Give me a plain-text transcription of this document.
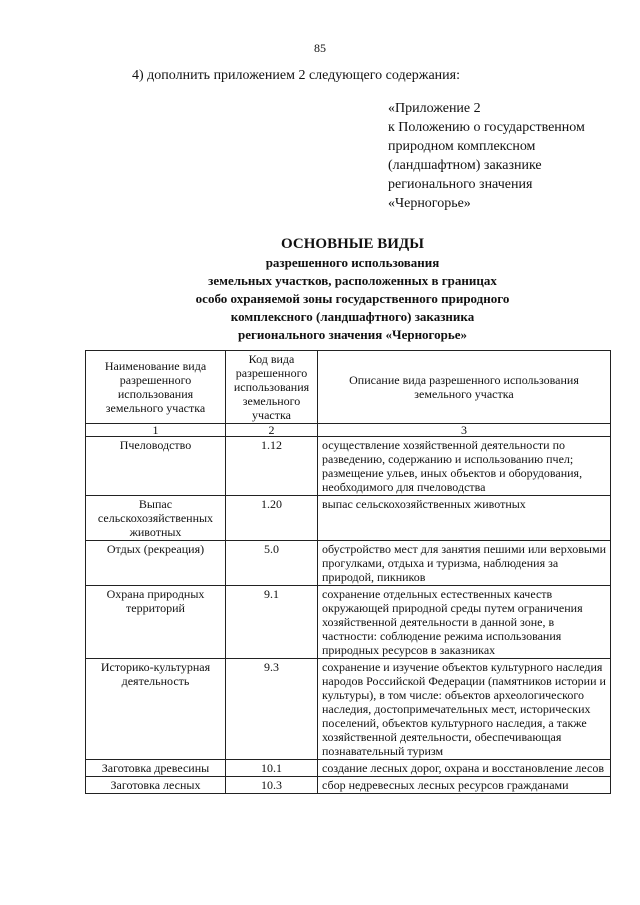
85
4) дополнить приложением 2 следующего содержания:
«Приложение 2
к Положению о государственном
природном комплексном
(ландшафтном) заказнике
регионального значения
«Черногорье»
ОСНОВНЫЕ ВИДЫ
разрешенного использования
земельных участков, расположенных в границах
особо охраняемой зоны государственного природного
комплексного (ландшафтного) заказника
регионального значения «Черногорье»
Наименование вида разрешенного использования земельного участка	Код вида разрешенного использования земельного участка	Описание вида разрешенного использования земельного участка
1	2	3
Пчеловодство	1.12	осуществление хозяйственной деятельности по разведению, содержанию и использованию пчел; размещение ульев, иных объектов и оборудования, необходимого для пчеловодства
Выпас сельскохозяйственных животных	1.20	выпас сельскохозяйственных животных
Отдых (рекреация)	5.0	обустройство мест для занятия пешими или верховыми прогулками, отдыха и туризма, наблюдения за природой, пикников
Охрана природных территорий	9.1	сохранение отдельных естественных качеств окружающей природной среды путем ограничения хозяйственной деятельности в данной зоне, в частности: соблюдение режима использования природных ресурсов в заказниках
Историко-культурная деятельность	9.3	сохранение и изучение объектов культурного наследия народов Российской Федерации (памятников истории и культуры), в том числе: объектов археологического наследия, достопримечательных мест, исторических поселений, объектов культурного наследия, а также хозяйственной деятельности, обеспечивающая познавательный туризм
Заготовка древесины	10.1	создание лесных дорог, охрана и восстановление лесов
Заготовка лесных	10.3	сбор недревесных лесных ресурсов гражданами
